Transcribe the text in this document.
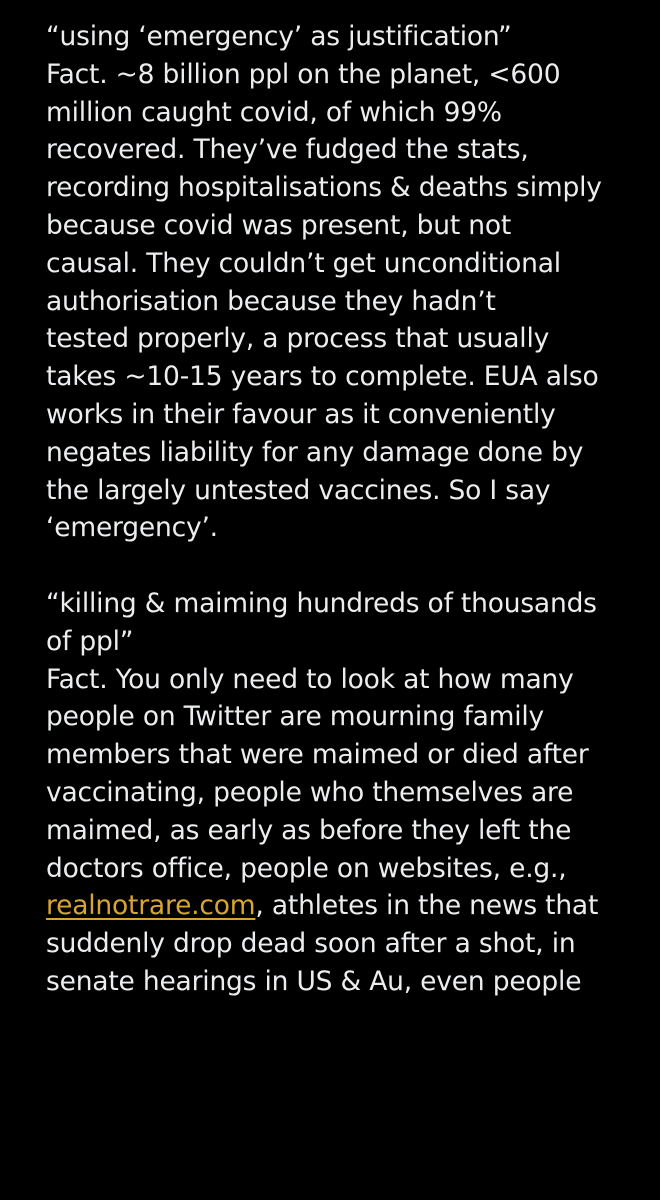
“using ‘emergency’ as justification”
Fact. ~8 billion ppl on the planet, <600
million caught covid, of which 99%
recovered. They’ve fudged the stats,
recording hospitalisations & deaths simply
because covid was present, but not
causal. They couldn’t get unconditional
authorisation because they hadn’t
tested properly, a process that usually
takes ~10-15 years to complete. EUA also
works in their favour as it conveniently
negates liability for any damage done by
the largely untested vaccines. So I say
‘emergency’.
“killing & maiming hundreds of thousands
of ppl”
Fact. You only need to look at how many
people on Twitter are mourning family
members that were maimed or died after
vaccinating, people who themselves are
maimed, as early as before they left the
doctors office, people on websites, e.g.,
realnotrare.com, athletes in the news that
suddenly drop dead soon after a shot, in
senate hearings in US & Au, even people
